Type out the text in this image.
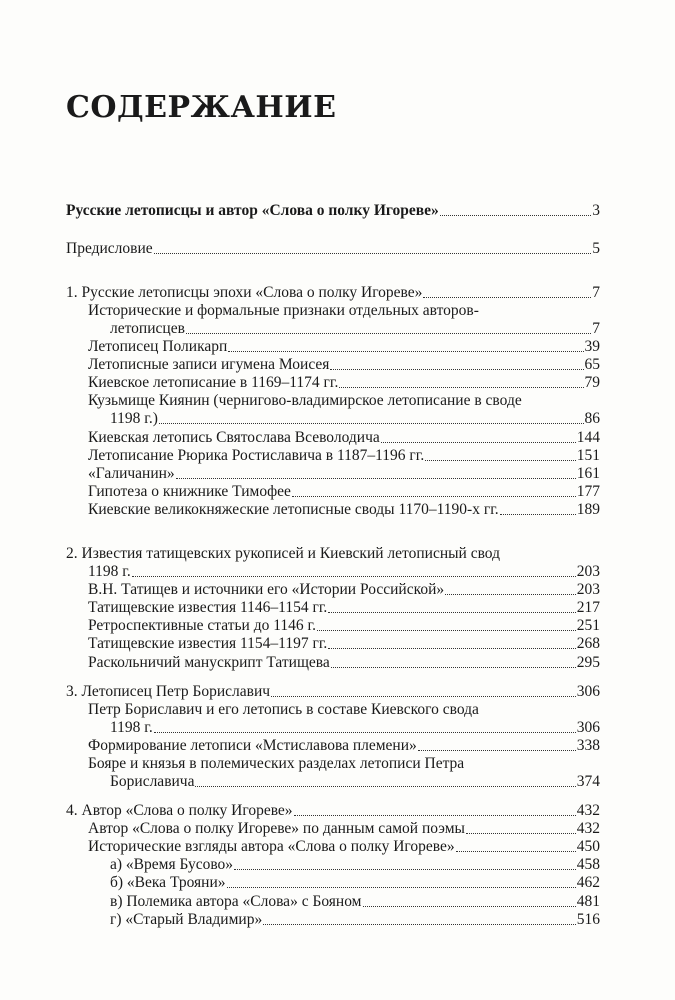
СОДЕРЖАНИЕ
Русские летописцы и автор «Слова о полку Игореве»	3
Предисловие	5
1. Русские летописцы эпохи «Слова о полку Игореве»	7
Исторические и формальные признаки отдельных авторов-
летописцев	7
Летописец Поликарп	39
Летописные записи игумена Моисея	65
Киевское летописание в 1169–1174 гг.	79
Кузьмище Киянин (чернигово-владимирское летописание в своде
1198 г.)	86
Киевская летопись Святослава Всеволодича	144
Летописание Рюрика Ростиславича в 1187–1196 гг.	151
«Галичанин»	161
Гипотеза о книжнике Тимофее	177
Киевские великокняжеские летописные своды 1170–1190-х гг.	189
2. Известия татищевских рукописей и Киевский летописный свод
1198 г.	203
В.Н. Татищев и источники его «Истории Российской»	203
Татищевские известия 1146–1154 гг.	217
Ретроспективные статьи до 1146 г.	251
Татищевские известия 1154–1197 гг.	268
Раскольничий манускрипт Татищева	295
3. Летописец Петр Бориславич	306
Петр Бориславич и его летопись в составе Киевского свода
1198 г.	306
Формирование летописи «Мстиславова племени»	338
Бояре и князья в полемических разделах летописи Петра
Бориславича	374
4. Автор «Слова о полку Игореве»	432
Автор «Слова о полку Игореве» по данным самой поэмы	432
Исторические взгляды автора «Слова о полку Игореве»	450
а) «Время Бусово»	458
б) «Века Трояни»	462
в) Полемика автора «Слова» с Бояном	481
г) «Старый Владимир»	516
